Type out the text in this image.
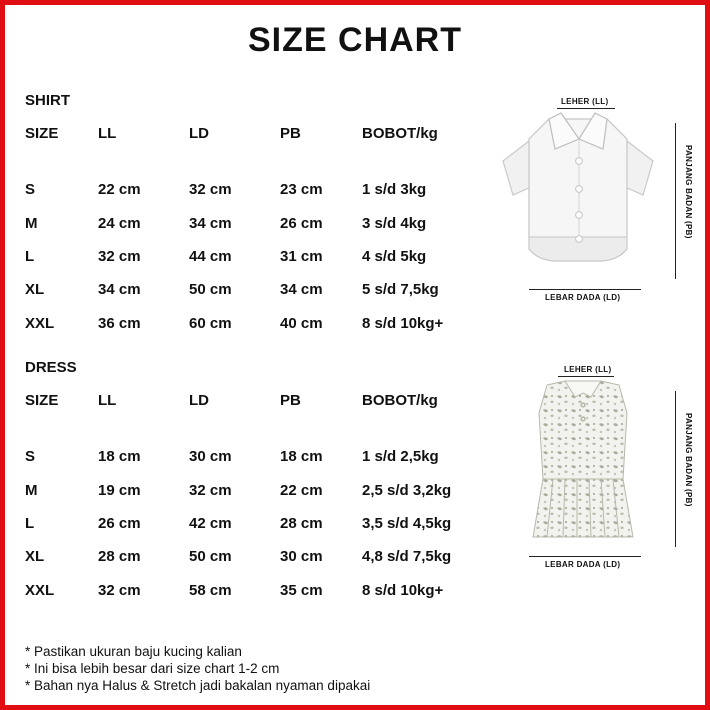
SIZE CHART
SHIRT
SIZE	LL	LD	PB	BOBOT/kg
S	22 cm	32 cm	23 cm	1 s/d 3kg
M	24 cm	34 cm	26 cm	3 s/d 4kg
L	32 cm	44 cm	31 cm	4 s/d 5kg
XL	34 cm	50 cm	34 cm	5 s/d 7,5kg
XXL	36 cm	60 cm	40 cm	8 s/d 10kg+
LEHER (LL)
PANJANG BADAN (PB)
LEBAR DADA (LD)
DRESS
SIZE	LL	LD	PB	BOBOT/kg
S	18 cm	30 cm	18 cm	1 s/d 2,5kg
M	19 cm	32 cm	22 cm	2,5 s/d 3,2kg
L	26 cm	42 cm	28 cm	3,5 s/d 4,5kg
XL	28 cm	50 cm	30 cm	4,8 s/d 7,5kg
XXL	32 cm	58 cm	35 cm	8 s/d 10kg+
LEHER (LL)
PANJANG BADAN (PB)
LEBAR DADA (LD)
* Pastikan ukuran baju kucing kalian
* Ini bisa lebih besar dari size chart 1-2 cm
* Bahan nya Halus & Stretch jadi bakalan nyaman dipakai
